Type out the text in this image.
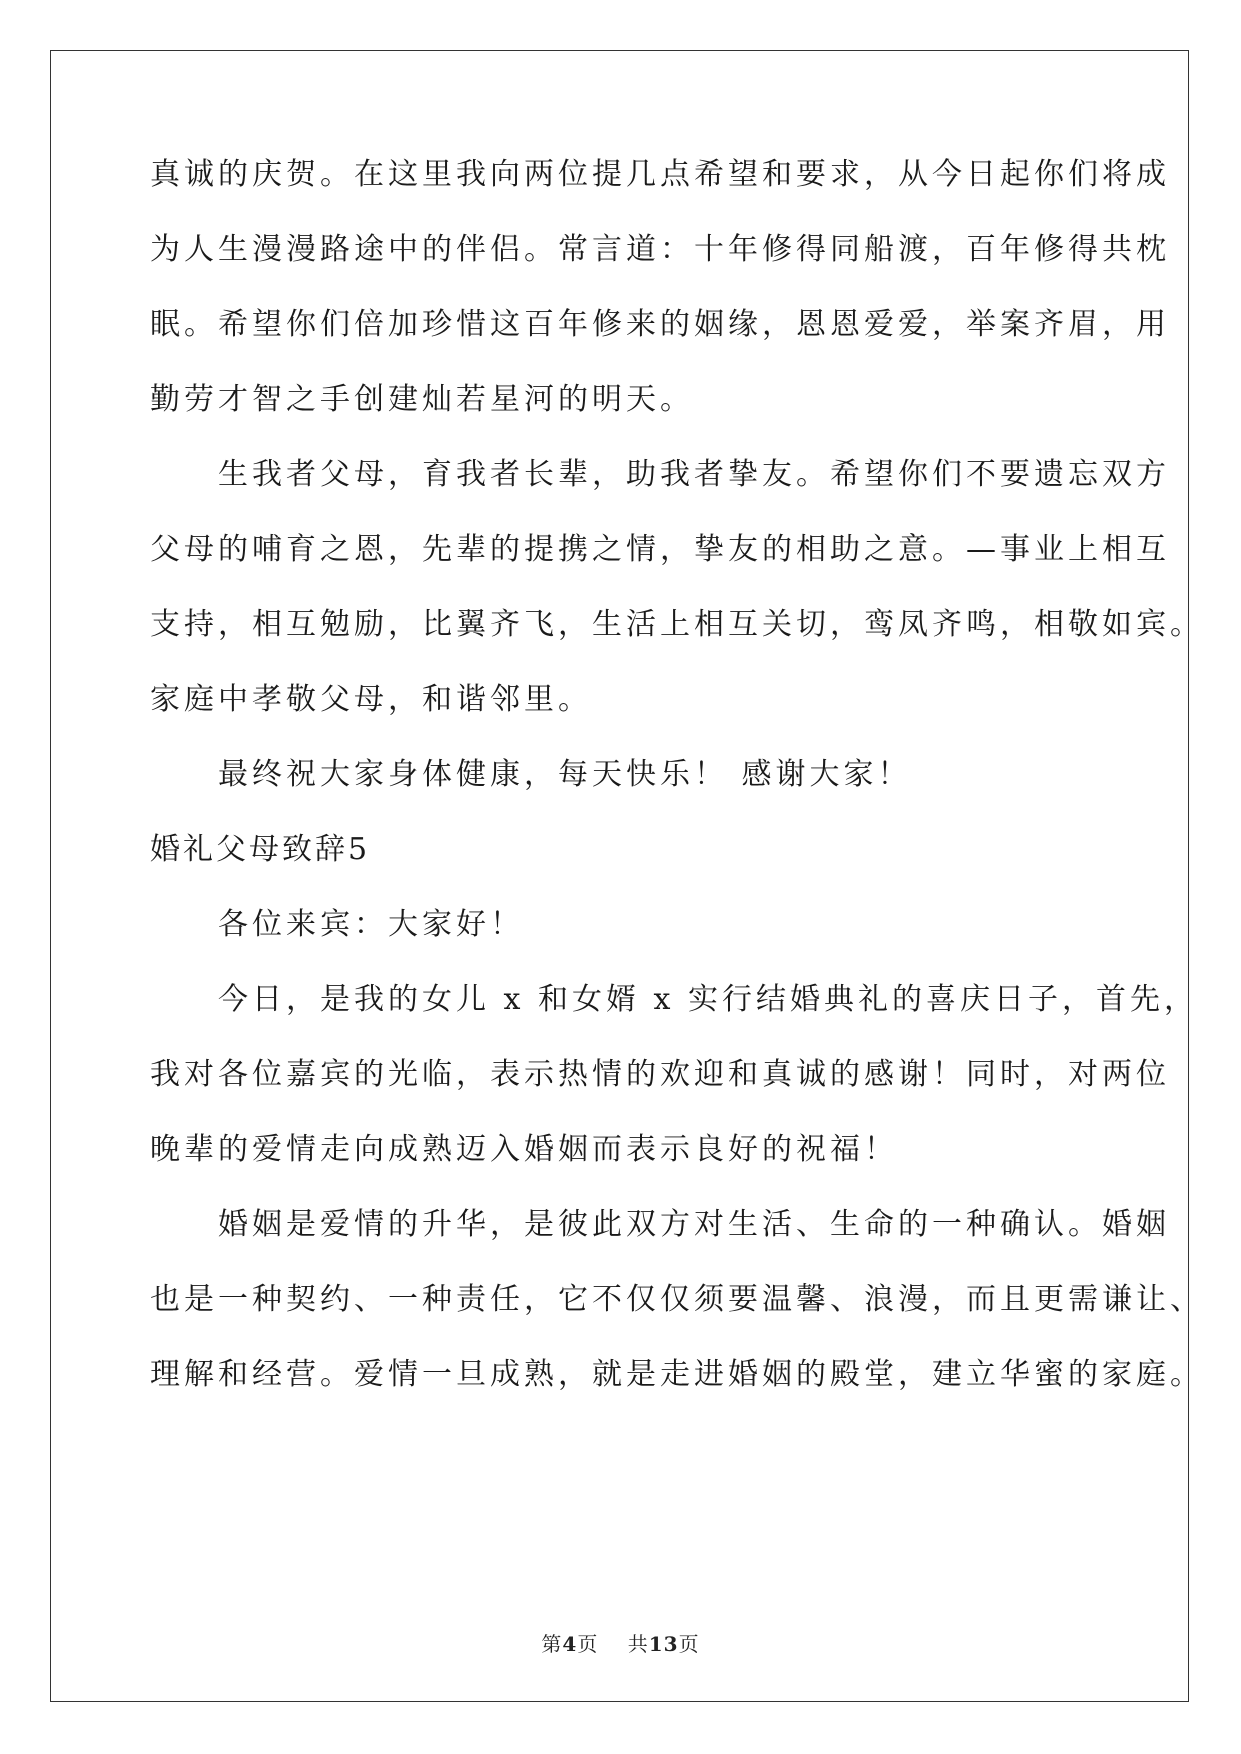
真诚的庆贺。在这里我向两位提几点希望和要求，从今日起你们将成

为人生漫漫路途中的伴侣。常言道：十年修得同船渡，百年修得共枕

眠。希望你们倍加珍惜这百年修来的姻缘，恩恩爱爱，举案齐眉，用

勤劳才智之手创建灿若星河的明天。

　　生我者父母，育我者长辈，助我者挚友。希望你们不要遗忘双方

父母的哺育之恩，先辈的提携之情，挚友的相助之意。—事业上相互

支持，相互勉励，比翼齐飞，生活上相互关切，鸾凤齐鸣，相敬如宾。

家庭中孝敬父母，和谐邻里。

　　最终祝大家身体健康，每天快乐！ 感谢大家！

婚礼父母致辞5

　　各位来宾：大家好！

　　今日，是我的女儿 x 和女婿 x 实行结婚典礼的喜庆日子，首先，

我对各位嘉宾的光临，表示热情的欢迎和真诚的感谢！同时，对两位

晚辈的爱情走向成熟迈入婚姻而表示良好的祝福！

　　婚姻是爱情的升华，是彼此双方对生活、生命的一种确认。婚姻

也是一种契约、一种责任，它不仅仅须要温馨、浪漫，而且更需谦让、

理解和经营。爱情一旦成熟，就是走进婚姻的殿堂，建立华蜜的家庭。

第4页 共13页
